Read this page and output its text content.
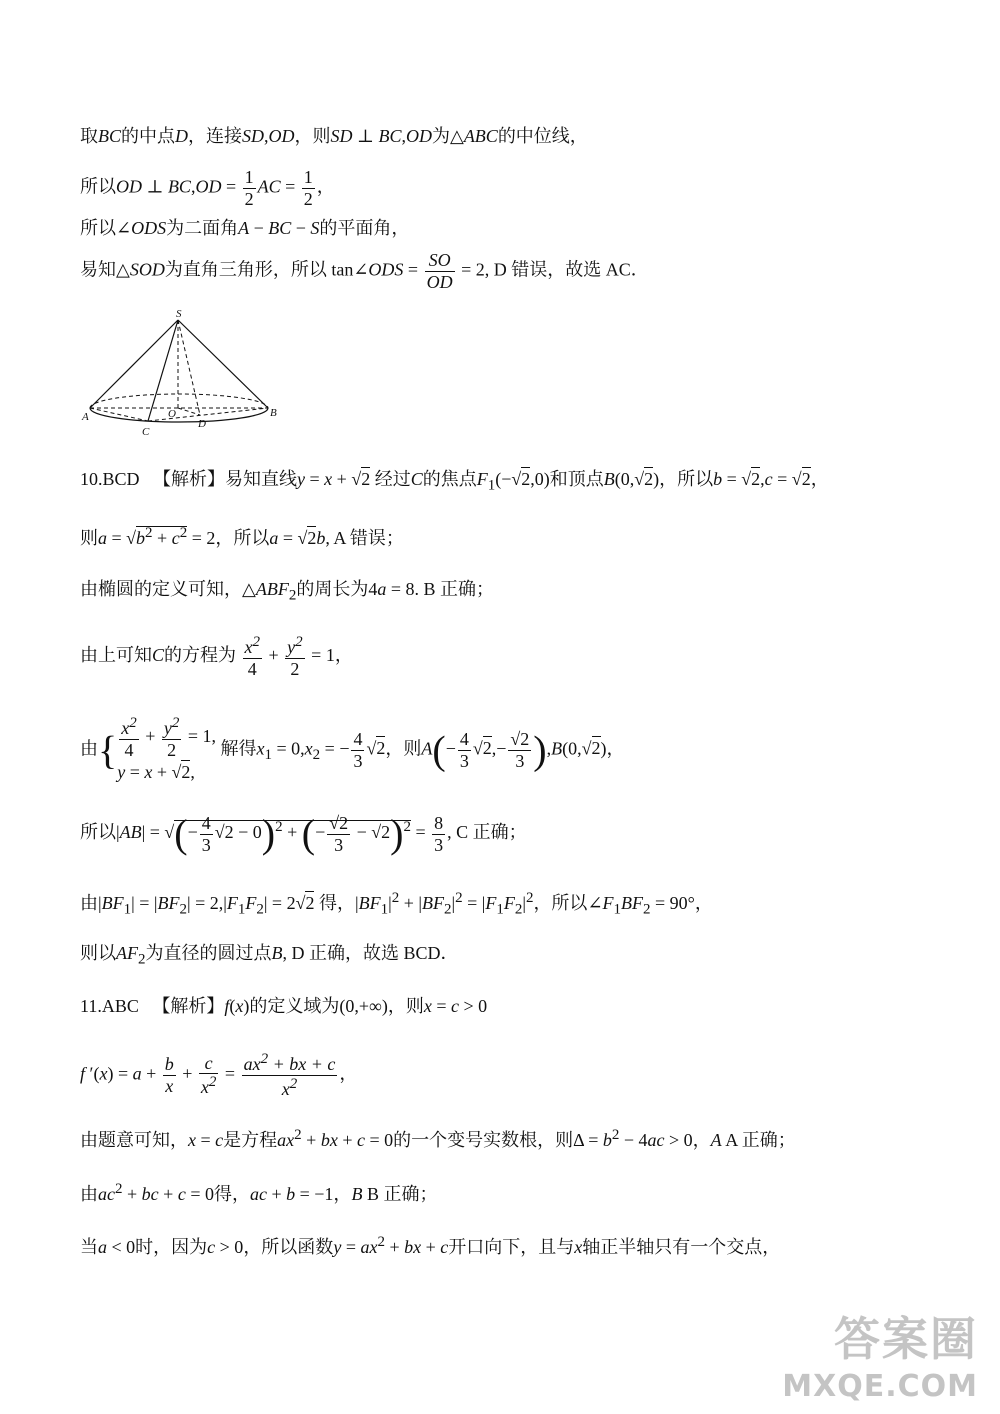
取BC的中点D，连接SD,OD，则SD ⊥ BC,OD为△ABC的中位线，
所以OD ⊥ $BC,OD = \frac{1}{2}$ AC = $\frac{1}{2}$ ，
所以∠ODS为二面角A − BC − S的平面角，
易知△SOD为直角三角形，所以 tan∠ODS = $\frac{SO}{OD} = 2$, D 错误，故选 AC．
S
A	B
C
O
D
10.BCD 【解析】易知直线y = x + √2 经过C的焦点$F_1(-√2,0)$和顶点B(0,√2)，所以b = √2,c = √2，
则$a = √b^2 + c^2 = 2$，所以a = √2b, A 错误；
由椭圆的定义可知，$\triangle ABF_2$的周长为4a = 8. B 正确；
由上可知C的方程为 $\frac{x^2}{4} + \frac{y^2}{2} = 1$，
由{ $\frac{x^2}{4} + \frac{y^2}{2} = 1$,
y = x + √2, 解得$x_1 = 0,x_2$ = − $\frac{4}{3} √2$，则$A(- \frac{4}{3} √2,- \frac{√2}{3} ),B(0,√2)$，
所以|AB| = √(− $\frac{4}{3} √2 - 0)^2$ + (− $\frac{√2}{3} - √2)^2 = \frac{8}{3}$ , C 正确；
由$|BF_1| = |BF_2| = 2,|F_1F_2| = 2√2$ 得，$|BF_1|^2 + |BF_2|^2 = |F_1F_2|^2$，所以$\angle F_1BF_2 = 90^\circ$，
则以$AF_2$为直径的圆过点B, D 正确，故选 BCD．
11.ABC 【解析】f(x)的定义域为(0,+∞)，则x = c > 0
f $'(x) = a + \frac{b}{x} + \frac{c}{x^2} = \frac{ax^2 + bx + c}{x^2}$ ，
由题意可知，x = c是方程$ax^2$ + bx + c = 0的一个变号实数根，则$\Delta = b^2 - 4ac > 0$，A A 正确；
由$ac^2$ + bc + c = 0得，ac + b = −1，B B 正确；
当a < 0时，因为c > 0，所以函数$y = ax^2$ + bx + c开口向下，且与x轴正半轴只有一个交点，
答案圈
MXQE.COM
